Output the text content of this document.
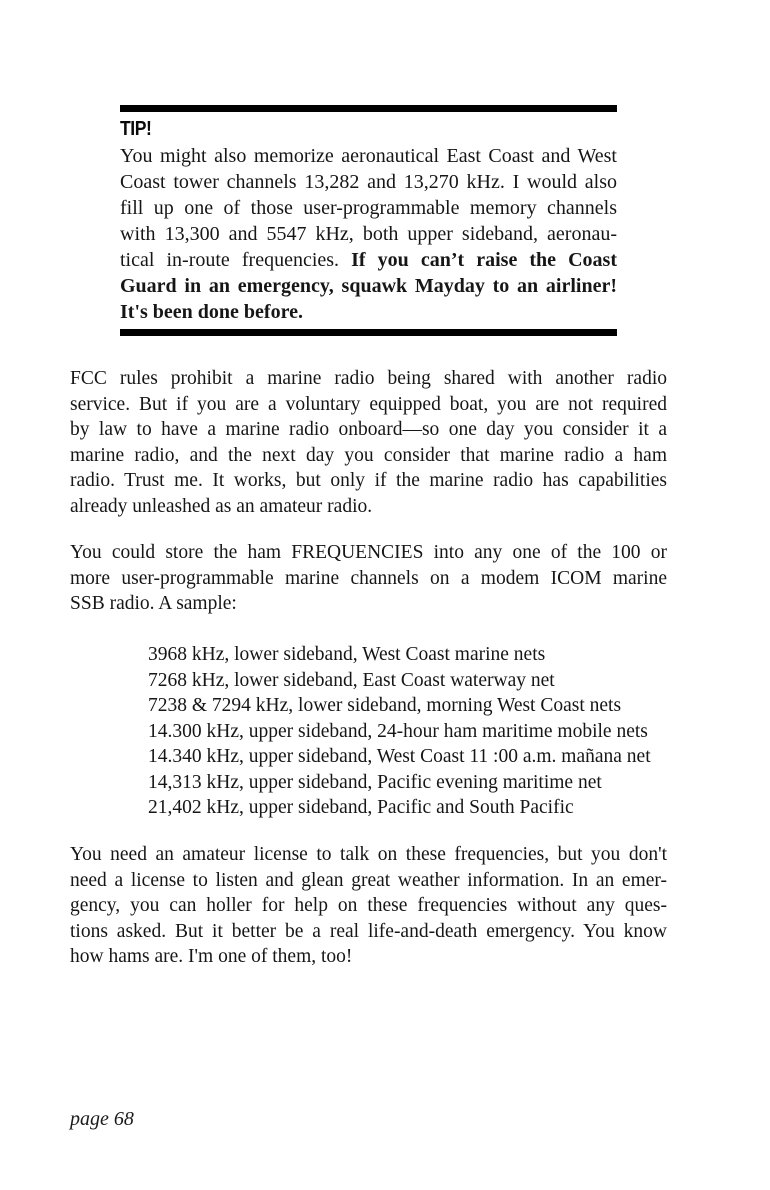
TIP!
You might also memorize aeronautical East Coast and West
Coast tower channels 13,282 and 13,270 kHz. I would also
fill up one of those user-programmable memory channels
with 13,300 and 5547 kHz, both upper sideband, aeronau-
tical in-route frequencies. If you can’t raise the Coast
Guard in an emergency, squawk Mayday to an airliner!
It's been done before.
FCC rules prohibit a marine radio being shared with another radio
service. But if you are a voluntary equipped boat, you are not required
by law to have a marine radio onboard—so one day you consider it a
marine radio, and the next day you consider that marine radio a ham
radio. Trust me. It works, but only if the marine radio has capabilities
already unleashed as an amateur radio.
You could store the ham FREQUENCIES into any one of the 100 or
more user-programmable marine channels on a modem ICOM marine
SSB radio. A sample:
3968 kHz, lower sideband, West Coast marine nets
7268 kHz, lower sideband, East Coast waterway net
7238 & 7294 kHz, lower sideband, morning West Coast nets
14.300 kHz, upper sideband, 24-hour ham maritime mobile nets
14.340 kHz, upper sideband, West Coast 11 :00 a.m. mañana net
14,313 kHz, upper sideband, Pacific evening maritime net
21,402 kHz, upper sideband, Pacific and South Pacific
You need an amateur license to talk on these frequencies, but you don't
need a license to listen and glean great weather information. In an emer-
gency, you can holler for help on these frequencies without any ques-
tions asked. But it better be a real life-and-death emergency. You know
how hams are. I'm one of them, too!
page 68
